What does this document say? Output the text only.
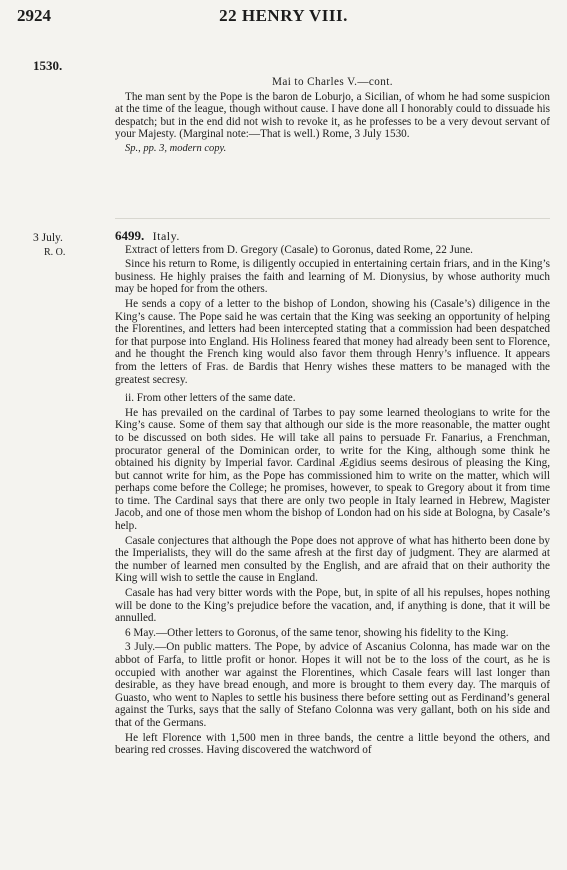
2924	22 HENRY VIII.
1530.
Mai to Charles V.—cont.

The man sent by the Pope is the baron de Loburjo, a Sicilian, of whom he had some suspicion at the time of the league, though without cause. I have done all I honorably could to dissuade his despatch; but in the end did not wish to revoke it, as he professes to be a very devout servant of your Majesty. (Marginal note:—That is well.) Rome, 3 July 1530.

Sp., pp. 3, modern copy.

3 July.
R. O.
6499. Italy.

Extract of letters from D. Gregory (Casale) to Goronus, dated Rome, 22 June.

Since his return to Rome, is diligently occupied in entertaining certain friars, and in the King’s business. He highly praises the faith and learning of M. Dionysius, by whose authority much may be hoped for from the others.

He sends a copy of a letter to the bishop of London, showing his (Casale’s) diligence in the King’s cause. The Pope said he was certain that the King was seeking an opportunity of helping the Florentines, and letters had been intercepted stating that a commission had been despatched for that purpose into England. His Holiness feared that money had already been sent to Florence, and he thought the French king would also favor them through Henry’s influence. It appears from the letters of Fras. de Bardis that Henry wishes these matters to be managed with the greatest secresy.

ii. From other letters of the same date.

He has prevailed on the cardinal of Tarbes to pay some learned theologians to write for the King’s cause. Some of them say that although our side is the more reasonable, the matter ought to be discussed on both sides. He will take all pains to persuade Fr. Fanarius, a Frenchman, procurator general of the Dominican order, to write for the King, although some think he obtained his dignity by Imperial favor. Cardinal Ægidius seems desirous of pleasing the King, but cannot write for him, as the Pope has commissioned him to write on the matter, which will perhaps come before the College; he promises, however, to speak to Gregory about it from time to time. The Cardinal says that there are only two people in Italy learned in Hebrew, Magister Jacob, and one of those men whom the bishop of London had on his side at Bologna, by Casale’s help.

Casale conjectures that although the Pope does not approve of what has hitherto been done by the Imperialists, they will do the same afresh at the first day of judgment. They are alarmed at the number of learned men consulted by the English, and are afraid that on their authority the King will wish to settle the cause in England.

Casale has had very bitter words with the Pope, but, in spite of all his repulses, hopes nothing will be done to the King’s prejudice before the vacation, and, if anything is done, that it will be annulled.

6 May.—Other letters to Goronus, of the same tenor, showing his fidelity to the King.

3 July.—On public matters. The Pope, by advice of Ascanius Colonna, has made war on the abbot of Farfa, to little profit or honor. Hopes it will not be to the loss of the court, as he is occupied with another war against the Florentines, which Casale fears will last longer than desirable, as they have bread enough, and more is brought to them every day. The marquis of Guasto, who went to Naples to settle his business there before setting out as Ferdinand’s general against the Turks, says that the sally of Stefano Colonna was very gallant, both on his side and that of the Germans.

He left Florence with 1,500 men in three bands, the centre a little beyond the others, and bearing red crosses. Having discovered the watchword of
